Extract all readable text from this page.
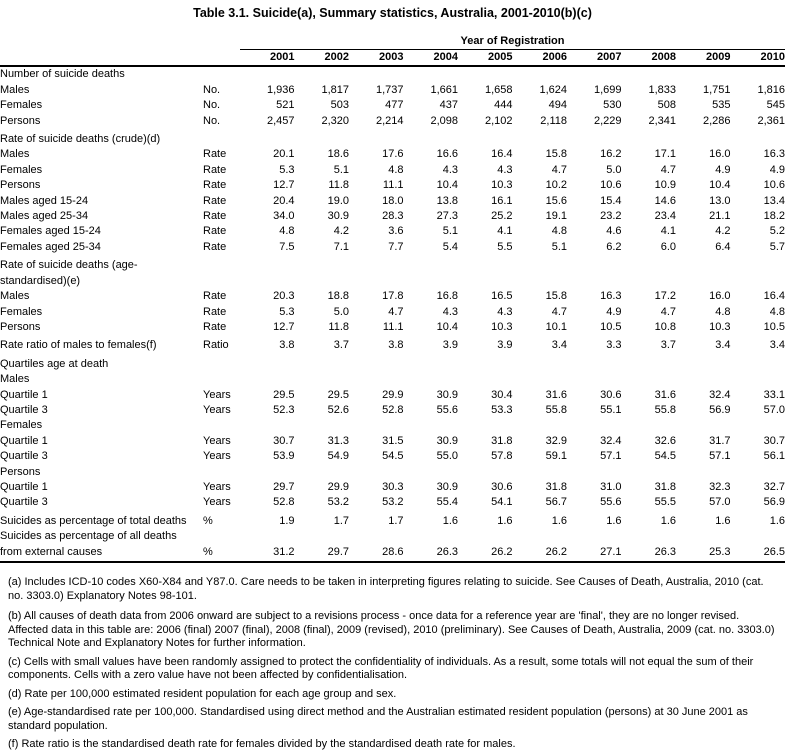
Table 3.1. Suicide(a), Summary statistics, Australia, 2001-2010(b)(c)
		Year of Registration									
		2001	2002	2003	2004	2005	2006	2007	2008	2009	2010

Number of suicide deaths											

Males	No.	1,936	1,817	1,737	1,661	1,658	1,624	1,699	1,833	1,751	1,816

Females	No.	521	503	477	437	444	494	530	508	535	545

Persons	No.	2,457	2,320	2,214	2,098	2,102	2,118	2,229	2,341	2,286	2,361

Rate of suicide deaths (crude)(d)											

Males	Rate	20.1	18.6	17.6	16.6	16.4	15.8	16.2	17.1	16.0	16.3

Females	Rate	5.3	5.1	4.8	4.3	4.3	4.7	5.0	4.7	4.9	4.9

Persons	Rate	12.7	11.8	11.1	10.4	10.3	10.2	10.6	10.9	10.4	10.6

Males aged 15-24	Rate	20.4	19.0	18.0	13.8	16.1	15.6	15.4	14.6	13.0	13.4

Males aged 25-34	Rate	34.0	30.9	28.3	27.3	25.2	19.1	23.2	23.4	21.1	18.2

Females aged 15-24	Rate	4.8	4.2	3.6	5.1	4.1	4.8	4.6	4.1	4.2	5.2

Females aged 25-34	Rate	7.5	7.1	7.7	5.4	5.5	5.1	6.2	6.0	6.4	5.7

Rate of suicide deaths (age-
standardised)(e)											

Males	Rate	20.3	18.8	17.8	16.8	16.5	15.8	16.3	17.2	16.0	16.4

Females	Rate	5.3	5.0	4.7	4.3	4.3	4.7	4.9	4.7	4.8	4.8

Persons	Rate	12.7	11.8	11.1	10.4	10.3	10.1	10.5	10.8	10.3	10.5

Rate ratio of males to females(f)	Ratio	3.8	3.7	3.8	3.9	3.9	3.4	3.3	3.7	3.4	3.4

Quartiles age at death											

Males											

Quartile 1	Years	29.5	29.5	29.9	30.9	30.4	31.6	30.6	31.6	32.4	33.1

Quartile 3	Years	52.3	52.6	52.8	55.6	53.3	55.8	55.1	55.8	56.9	57.0

Females											

Quartile 1	Years	30.7	31.3	31.5	30.9	31.8	32.9	32.4	32.6	31.7	30.7

Quartile 3	Years	53.9	54.9	54.5	55.0	57.8	59.1	57.1	54.5	57.1	56.1

Persons											

Quartile 1	Years	29.7	29.9	30.3	30.9	30.6	31.8	31.0	31.8	32.3	32.7

Quartile 3	Years	52.8	53.2	53.2	55.4	54.1	56.7	55.6	55.5	57.0	56.9

Suicides as percentage of total deaths	%	1.9	1.7	1.7	1.6	1.6	1.6	1.6	1.6	1.6	1.6

Suicides as percentage of all deaths
from external causes	%	31.2	29.7	28.6	26.3	26.2	26.2	27.1	26.3	25.3	26.5

(a) Includes ICD-10 codes X60-X84 and Y87.0. Care needs to be taken in interpreting figures relating to suicide. See Causes of Death, Australia, 2010 (cat. no. 3303.0) Explanatory Notes 98-101.

(b) All causes of death data from 2006 onward are subject to a revisions process - once data for a reference year are 'final', they are no longer revised. Affected data in this table are: 2006 (final) 2007 (final), 2008 (final), 2009 (revised), 2010 (preliminary). See Causes of Death, Australia, 2009 (cat. no. 3303.0) Technical Note and Explanatory Notes for further information.

(c) Cells with small values have been randomly assigned to protect the confidentiality of individuals. As a result, some totals will not equal the sum of their components. Cells with a zero value have not been affected by confidentialisation.

(d) Rate per 100,000 estimated resident population for each age group and sex.

(e) Age-standardised rate per 100,000. Standardised using direct method and the Australian estimated resident population (persons) at 30 June 2001 as standard population.

(f) Rate ratio is the standardised death rate for females divided by the standardised death rate for males.
